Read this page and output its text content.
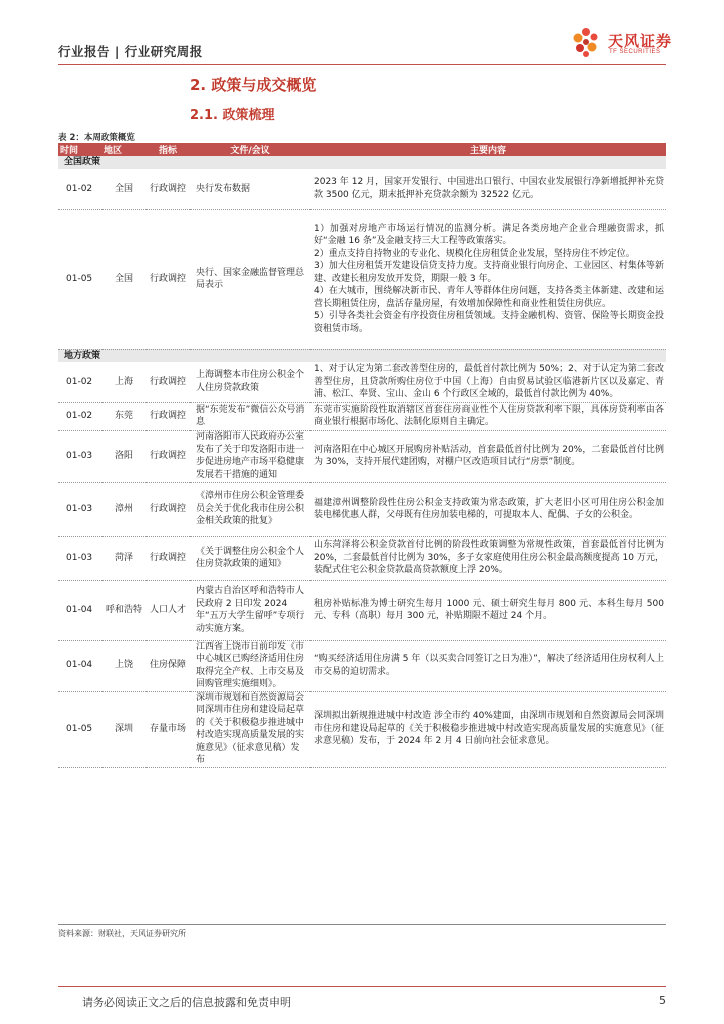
行业报告 | 行业研究周报
天风证券
TF SECURITIES
2. 政策与成交概览
2.1. 政策梳理
表 2：本周政策概览
时间	地区	指标	文件/会议	主要内容
全国政策				
01-02	全国	行政调控	央行发布数据	2023 年 12 月，国家开发银行、中国进出口银行、中国农业发展银行净新增抵押补充贷款 3500 亿元，期末抵押补充贷款余额为 32522 亿元。

01-05	全国	行政调控	央行、国家金融监督管理总局表示	1）加强对房地产市场运行情况的监测分析。满足各类房地产企业合理融资需求，抓好“金融 16 条”及金融支持三大工程等政策落实。
2）重点支持自持物业的专业化、规模化住房租赁企业发展，坚持房住不炒定位。
3）加大住房租赁开发建设信贷支持力度。支持商业银行向房企、工业园区、村集体等新建、改建长租房发放开发贷，期限一般 3 年。
4）在大城市，围绕解决新市民、青年人等群体住房问题，支持各类主体新建、改建和运营长期租赁住房，盘活存量房屋，有效增加保障性和商业性租赁住房供应。
5）引导各类社会资金有序投资住房租赁领域。支持金融机构、资管、保险等长期资金投资租赁市场。

地方政策				
01-02	上海	行政调控	上海调整本市住房公积金个人住房贷款政策	1、对于认定为第二套改善型住房的，最低首付款比例为 50%；2、对于认定为第二套改善型住房，且贷款所购住房位于中国（上海）自由贸易试验区临港新片区以及嘉定、青浦、松江、奉贤、宝山、金山 6 个行政区全域的，最低首付款比例为 40%。

01-02	东莞	行政调控	据“东莞发布”微信公众号消息	东莞市实施阶段性取消辖区首套住房商业性个人住房贷款利率下限，具体房贷利率由各商业银行根据市场化、法制化原则自主确定。

01-03	洛阳	行政调控	河南洛阳市人民政府办公室发布了关于印发洛阳市进一步促进房地产市场平稳健康发展若干措施的通知	河南洛阳在中心城区开展购房补贴活动，首套最低首付比例为 20%，二套最低首付比例为 30%，支持开展代建团购，对棚户区改造项目试行“房票”制度。

01-03	漳州	行政调控	《漳州市住房公积金管理委员会关于优化我市住房公积金相关政策的批复》	福建漳州调整阶段性住房公积金支持政策为常态政策，扩大老旧小区可用住房公积金加装电梯优惠人群，父母既有住房加装电梯的，可提取本人、配偶、子女的公积金。

01-03	菏泽	行政调控	《关于调整住房公积金个人住房贷款政策的通知》	山东菏泽将公积金贷款首付比例的阶段性政策调整为常规性政策，首套最低首付比例为 20%，二套最低首付比例为 30%，多子女家庭使用住房公积金最高额度提高 10 万元，装配式住宅公积金贷款最高贷款额度上浮 20%。

01-04	呼和浩特	人口人才	内蒙古自治区呼和浩特市人民政府 2 日印发 2024 年“五万大学生留呼”专项行动实施方案。	租房补贴标准为博士研究生每月 1000 元、硕士研究生每月 800 元、本科生每月 500 元、专科（高职）每月 300 元，补贴期限不超过 24 个月。

01-04	上饶	住房保障	江西省上饶市日前印发《市中心城区已购经济适用住房取得完全产权、上市交易及回购管理实施细则》。	“购买经济适用住房满 5 年（以买卖合同签订之日为准）”，解决了经济适用住房权利人上市交易的迫切需求。

01-05	深圳	存量市场	深圳市规划和自然资源局会同深圳市住房和建设局起草的《关于积极稳步推进城中村改造实现高质量发展的实施意见》（征求意见稿）发布	深圳拟出新规推进城中村改造 涉全市约 40%建面，由深圳市规划和自然资源局会同深圳市住房和建设局起草的《关于积极稳步推进城中村改造实现高质量发展的实施意见》（征求意见稿）发布，于 2024 年 2 月 4 日前向社会征求意见。
资料来源：财联社，天风证券研究所
请务必阅读正文之后的信息披露和免责申明	5
